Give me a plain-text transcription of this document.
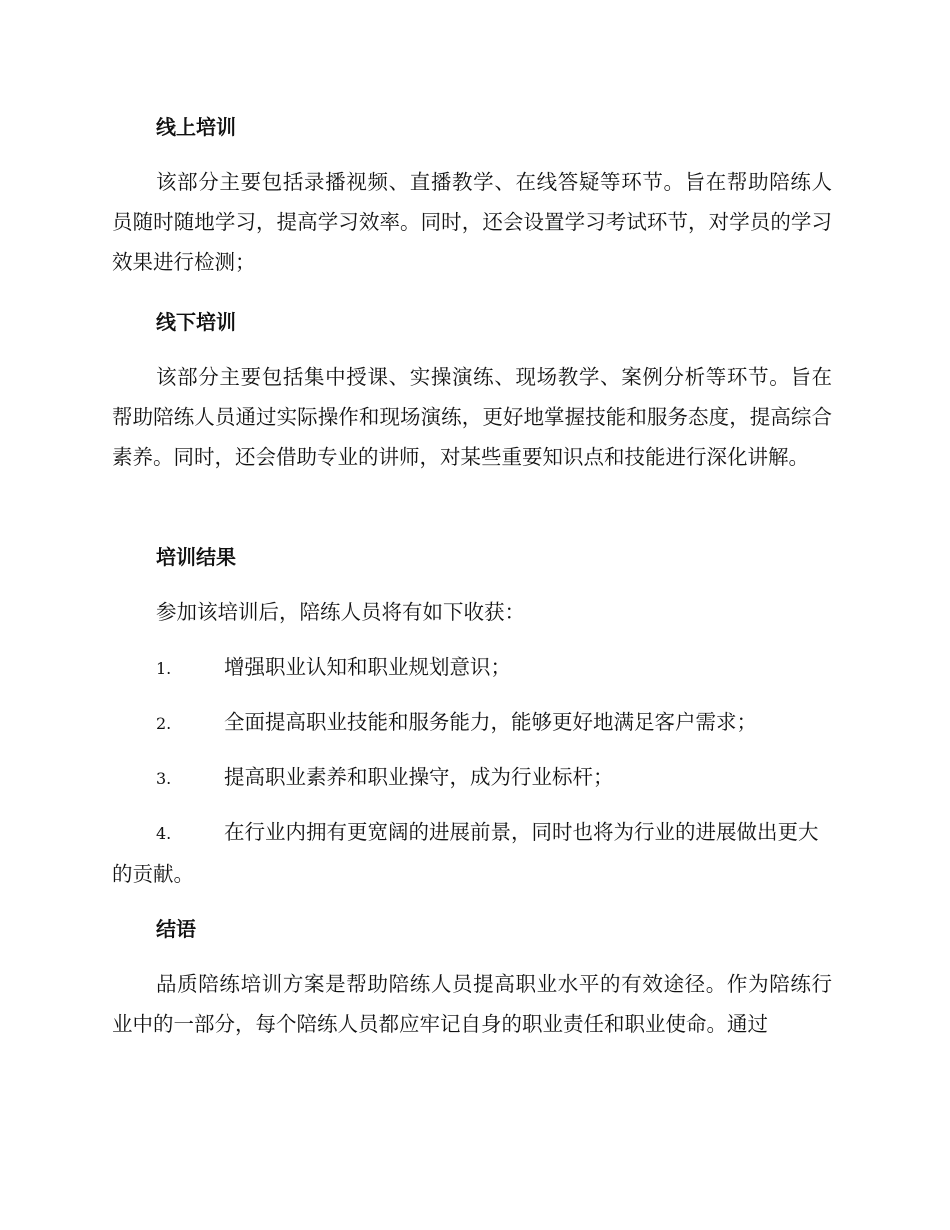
线上培训

该部分主要包括录播视频、直播教学、在线答疑等环节。旨在帮助陪练人员随时随地学习，提高学习效率。同时，还会设置学习考试环节，对学员的学习效果进行检测；

线下培训

该部分主要包括集中授课、实操演练、现场教学、案例分析等环节。旨在帮助陪练人员通过实际操作和现场演练，更好地掌握技能和服务态度，提高综合素养。同时，还会借助专业的讲师，对某些重要知识点和技能进行深化讲解。

培训结果

参加该培训后，陪练人员将有如下收获：

1.	增强职业认知和职业规划意识；

2.	全面提高职业技能和服务能力，能够更好地满足客户需求；

3.	提高职业素养和职业操守，成为行业标杆；

4.	在行业内拥有更宽阔的进展前景，同时也将为行业的进展做出更大的贡献。

结语

品质陪练培训方案是帮助陪练人员提高职业水平的有效途径。作为陪练行业中的一部分，每个陪练人员都应牢记自身的职业责任和职业使命。通过
